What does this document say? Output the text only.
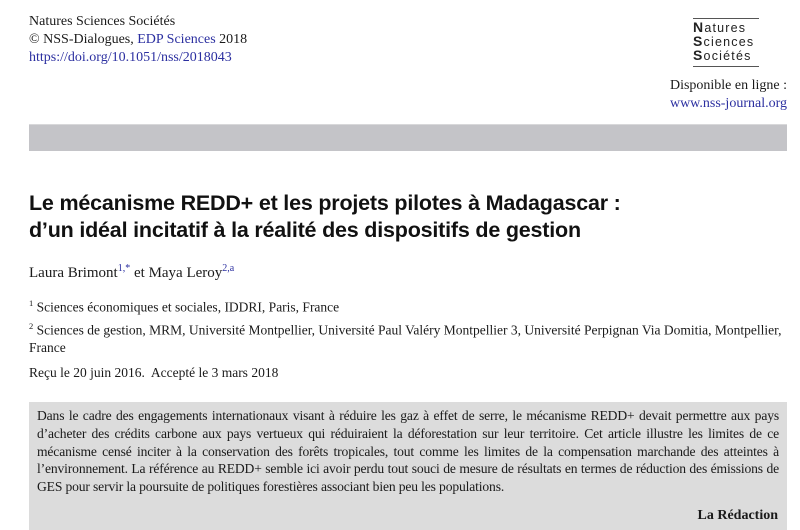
Natures Sciences Sociétés
© NSS-Dialogues, EDP Sciences 2018
https://doi.org/10.1051/nss/2018043
Natures
Sciences
Sociétés
Disponible en ligne :
www.nss-journal.org
Le mécanisme REDD+ et les projets pilotes à Madagascar :
d’un idéal incitatif à la réalité des dispositifs de gestion
Laura Brimont$^{1,*}$ et Maya Leroy$^{2,a}$
$^1$ Sciences économiques et sociales, IDDRI, Paris, France
$^2$ Sciences de gestion, MRM, Université Montpellier, Université Paul Valéry Montpellier 3, Université Perpignan Via Domitia, Montpellier, France
Reçu le 20 juin 2016.  Accepté le 3 mars 2018

Dans le cadre des engagements internationaux visant à réduire les gaz à effet de serre, le mécanisme REDD+ devait permettre aux pays d’acheter des crédits carbone aux pays vertueux qui réduiraient la déforestation sur leur territoire. Cet article illustre les limites de ce mécanisme censé inciter à la conservation des forêts tropicales, tout comme les limites de la compensation marchande des atteintes à l’environnement. La référence au REDD+ semble ici avoir perdu tout souci de mesure de résultats en termes de réduction des émissions de GES pour servir la poursuite de politiques forestières associant bien peu les populations.

La Rédaction
